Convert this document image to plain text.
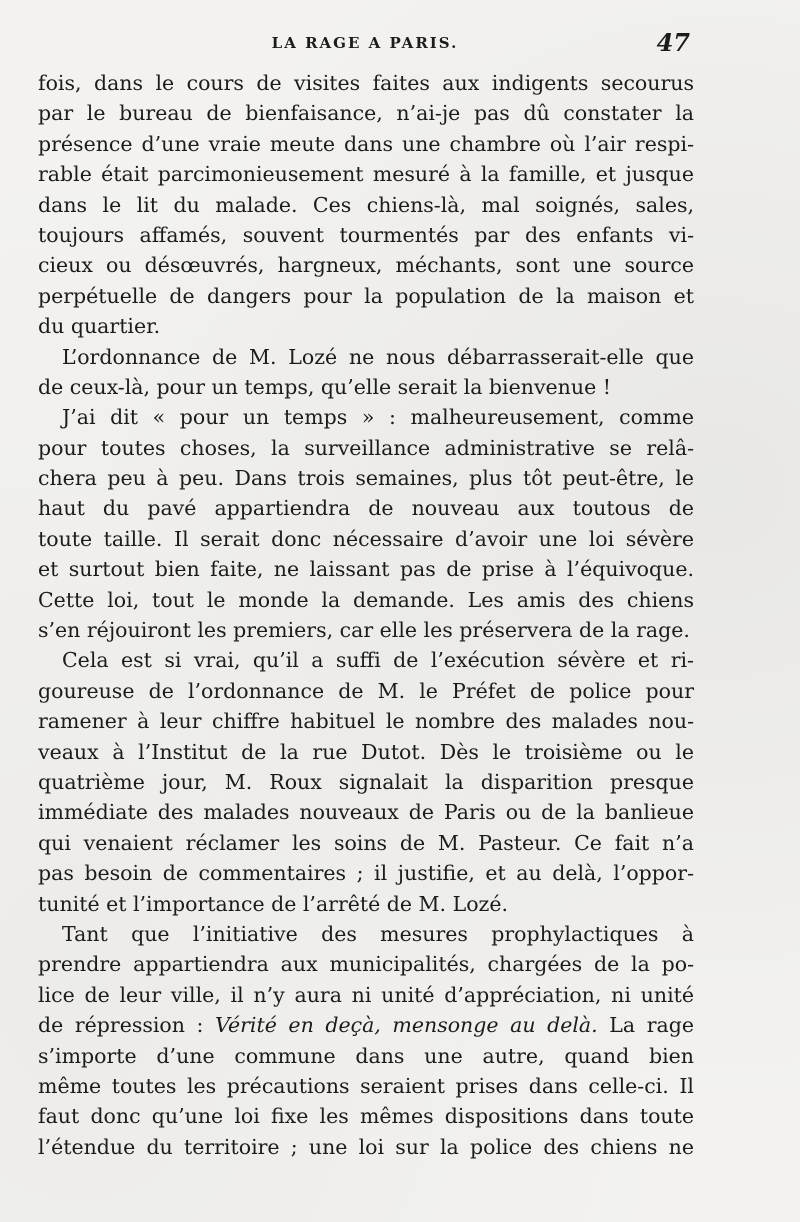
LA RAGE A PARIS.	47
fois, dans le cours de visites faites aux indigents secourus
par le bureau de bienfaisance, n’ai-je pas dû constater la
présence d’une vraie meute dans une chambre où l’air respi-
rable était parcimonieusement mesuré à la famille, et jusque
dans le lit du malade. Ces chiens-là, mal soignés, sales,
toujours affamés, souvent tourmentés par des enfants vi-
cieux ou désœuvrés, hargneux, méchants, sont une source
perpétuelle de dangers pour la population de la maison et
du quartier.
L’ordonnance de M. Lozé ne nous débarrasserait-elle que
de ceux-là, pour un temps, qu’elle serait la bienvenue !
J’ai dit « pour un temps » : malheureusement, comme
pour toutes choses, la surveillance administrative se relâ-
chera peu à peu. Dans trois semaines, plus tôt peut-être, le
haut du pavé appartiendra de nouveau aux toutous de
toute taille. Il serait donc nécessaire d’avoir une loi sévère
et surtout bien faite, ne laissant pas de prise à l’équivoque.
Cette loi, tout le monde la demande. Les amis des chiens
s’en réjouiront les premiers, car elle les préservera de la rage.
Cela est si vrai, qu’il a suffi de l’exécution sévère et ri-
goureuse de l’ordonnance de M. le Préfet de police pour
ramener à leur chiffre habituel le nombre des malades nou-
veaux à l’Institut de la rue Dutot. Dès le troisième ou le
quatrième jour, M. Roux signalait la disparition presque
immédiate des malades nouveaux de Paris ou de la banlieue
qui venaient réclamer les soins de M. Pasteur. Ce fait n’a
pas besoin de commentaires ; il justifie, et au delà, l’oppor-
tunité et l’importance de l’arrêté de M. Lozé.
Tant que l’initiative des mesures prophylactiques à
prendre appartiendra aux municipalités, chargées de la po-
lice de leur ville, il n’y aura ni unité d’appréciation, ni unité
de répression : Vérité en deçà, mensonge au delà. La rage
s’importe d’une commune dans une autre, quand bien
même toutes les précautions seraient prises dans celle-ci. Il
faut donc qu’une loi fixe les mêmes dispositions dans toute
l’étendue du territoire ; une loi sur la police des chiens ne
